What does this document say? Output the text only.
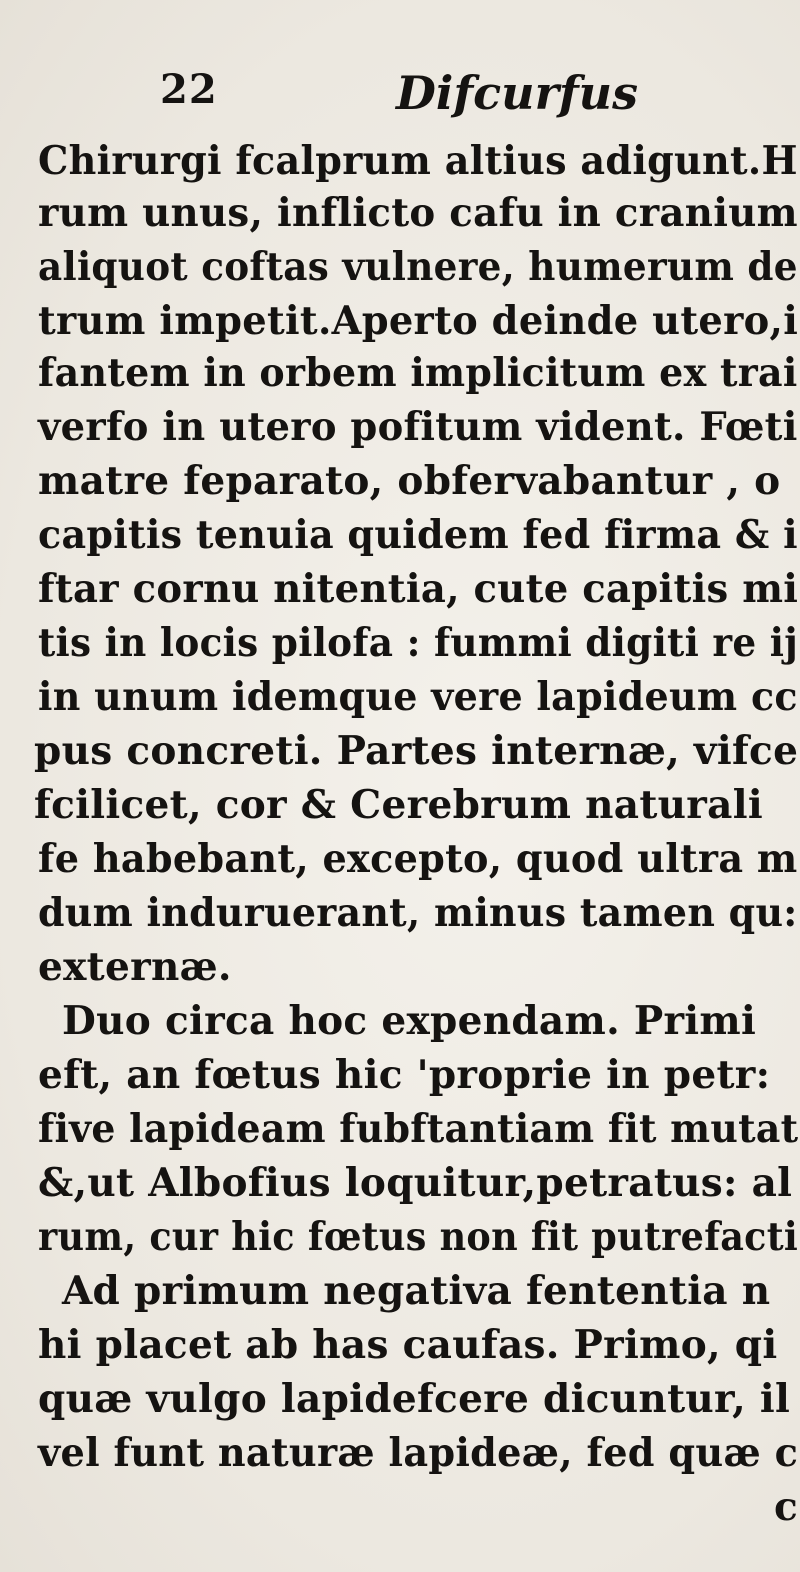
22	Difcurfus
Chirurgi fcalprum altius adigunt.H
rum unus, inflicto cafu in cranium
aliquot coftas vulnere, humerum de
trum impetit.Aperto deinde utero,i
fantem in orbem implicitum ex trai
verfo in utero pofitum vident. Fœti
matre feparato, obfervabantur , o
capitis tenuia quidem fed firma & i
ftar cornu nitentia, cute capitis mi
tis in locis pilofa : fummi digiti re ij
in unum idemque vere lapideum cc
pus concreti. Partes internæ, vifce
fcilicet, cor & Cerebrum naturali
fe habebant, excepto, quod ultra m
dum induruerant, minus tamen qu:
externæ.
Duo circa hoc expendam. Primi
eft, an fœtus hic 'proprie in petr:
five lapideam fubftantiam fit mutat
&,ut Albofius loquitur,petratus: al
rum, cur hic fœtus non fit putrefacti
Ad primum negativa fententia n
hi placet ab has caufas. Primo, qi
quæ vulgo lapidefcere dicuntur, il
vel funt naturæ lapideæ, fed quæ c
c
